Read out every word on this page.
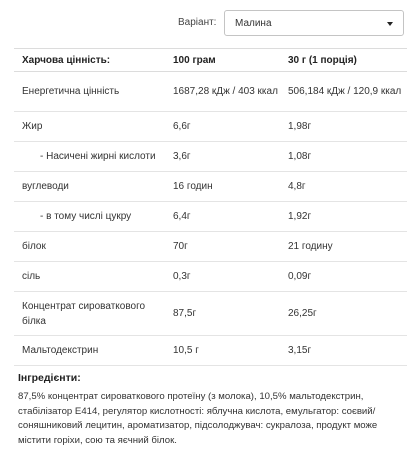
Варіант: Малина
Харчова цінність:	100 грам	30 г (1 порція)
Енергетична цінність	1687,28 кДж / 403 ккал	506,184 кДж / 120,9 ккал
Жир	6,6г	1,98г
- Насичені жирні кислоти	3,6г	1,08г
вуглеводи	16 годин	4,8г
- в тому числі цукру	6,4г	1,92г
білок	70г	21 годину
сіль	0,3г	0,09г
Концентрат сироваткового білка	87,5г	26,25г
Мальтодекстрин	10,5 г	3,15г
Інгредієнти:
87,5% концентрат сироваткового протеїну (з молока), 10,5% мальтодекстрин, стабілізатор E414, регулятор кислотності: яблучна кислота, емульгатор: соєвий/соняшниковий лецитин, ароматизатор, підсолоджувач: сукралоза, продукт може містити горіхи, сою та яєчний білок.
